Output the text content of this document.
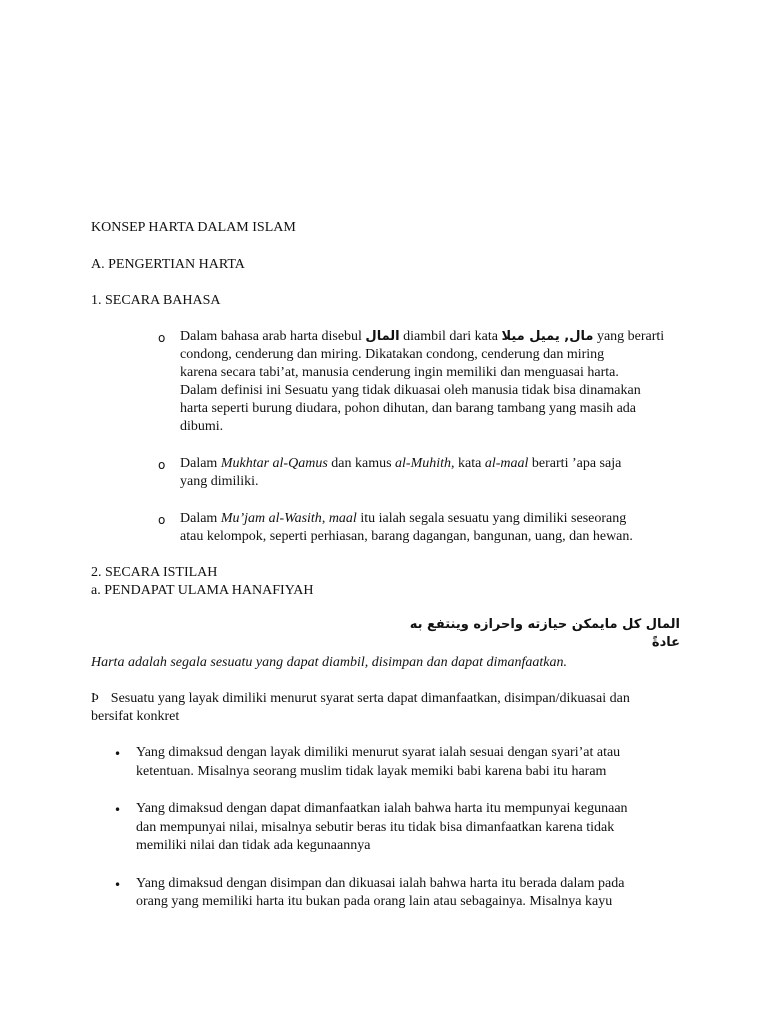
KONSEP HARTA DALAM ISLAM
A. PENGERTIAN HARTA
1. SECARA BAHASA
o Dalam bahasa arab harta disebul المال diambil dari kata مال, يميل ميلا yang berarti
condong, cenderung dan miring. Dikatakan condong, cenderung dan miring
karena secara tabi’at, manusia cenderung ingin memiliki dan menguasai harta.
Dalam definisi ini Sesuatu yang tidak dikuasai oleh manusia tidak bisa dinamakan
harta seperti burung diudara, pohon dihutan, dan barang tambang yang masih ada
dibumi.
o Dalam Mukhtar al-Qamus dan kamus al-Muhith, kata al-maal berarti ’apa saja
yang dimiliki.
o Dalam Mu’jam al-Wasith, maal itu ialah segala sesuatu yang dimiliki seseorang
atau kelompok, seperti perhiasan, barang dagangan, bangunan, uang, dan hewan.
2. SECARA ISTILAH
a. PENDAPAT ULAMA HANAFIYAH
المال كل مايمكن حيازته واحرازه وينتفع به عادةً
Harta adalah segala sesuatu yang dapat diambil, disimpan dan dapat dimanfaatkan.
Þ Sesuatu yang layak dimiliki menurut syarat serta dapat dimanfaatkan, disimpan/dikuasai dan
bersifat konkret
• Yang dimaksud dengan layak dimiliki menurut syarat ialah sesuai dengan syari’at atau
ketentuan. Misalnya seorang muslim tidak layak memiki babi karena babi itu haram
• Yang dimaksud dengan dapat dimanfaatkan ialah bahwa harta itu mempunyai kegunaan
dan mempunyai nilai, misalnya sebutir beras itu tidak bisa dimanfaatkan karena tidak
memiliki nilai dan tidak ada kegunaannya
• Yang dimaksud dengan disimpan dan dikuasai ialah bahwa harta itu berada dalam pada
orang yang memiliki harta itu bukan pada orang lain atau sebagainya. Misalnya kayu
